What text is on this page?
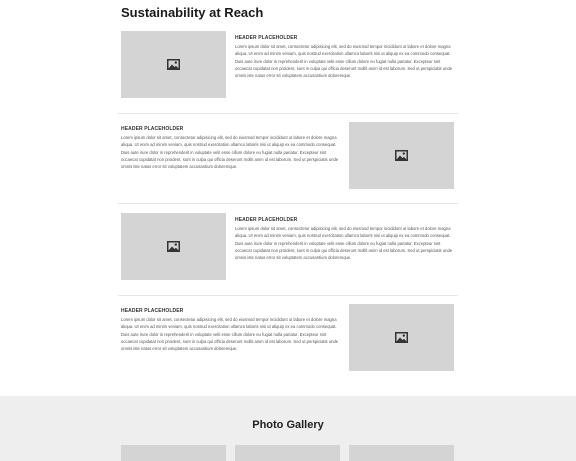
Sustainability at Reach
HEADER PLACEHOLDER
Lorem ipsum dolor sit amet, consectetur adipisicing elit, sed do eiusmod tempor incididunt ut labore et dolore magna aliqua. Ut enim ad minim veniam, quis nostrud exercitation ullamco laboris nisi ut aliquip ex ea commodo consequat. Duis aute irure dolor in reprehenderit in voluptate velit esse cillum dolore eu fugiat nulla pariatur. Excepteur sint occaecat cupidatat non proident, sunt in culpa qui officia deserunt mollit anim id est laborum. Sed ut perspiciatis unde omnis iste natus error sit voluptatem accusantium doloremque.
HEADER PLACEHOLDER
Lorem ipsum dolor sit amet, consectetur adipisicing elit, sed do eiusmod tempor incididunt ut labore et dolore magna aliqua. Ut enim ad minim veniam, quis nostrud exercitation ullamco laboris nisi ut aliquip ex ea commodo consequat. Duis aute irure dolor in reprehenderit in voluptate velit esse cillum dolore eu fugiat nulla pariatur. Excepteur sint occaecat cupidatat non proident, sunt in culpa qui officia deserunt mollit anim id est laborum. Sed ut perspiciatis unde omnis iste natus error sit voluptatem accusantium doloremque.
HEADER PLACEHOLDER
Lorem ipsum dolor sit amet, consectetur adipisicing elit, sed do eiusmod tempor incididunt ut labore et dolore magna aliqua. Ut enim ad minim veniam, quis nostrud exercitation ullamco laboris nisi ut aliquip ex ea commodo consequat. Duis aute irure dolor in reprehenderit in voluptate velit esse cillum dolore eu fugiat nulla pariatur. Excepteur sint occaecat cupidatat non proident, sunt in culpa qui officia deserunt mollit anim id est laborum. Sed ut perspiciatis unde omnis iste natus error sit voluptatem accusantium doloremque.
HEADER PLACEHOLDER
Lorem ipsum dolor sit amet, consectetur adipisicing elit, sed do eiusmod tempor incididunt ut labore et dolore magna aliqua. Ut enim ad minim veniam, quis nostrud exercitation ullamco laboris nisi ut aliquip ex ea commodo consequat. Duis aute irure dolor in reprehenderit in voluptate velit esse cillum dolore eu fugiat nulla pariatur. Excepteur sint occaecat cupidatat non proident, sunt in culpa qui officia deserunt mollit anim id est laborum. Sed ut perspiciatis unde omnis iste natus error sit voluptatem accusantium doloremque.
Photo Gallery
